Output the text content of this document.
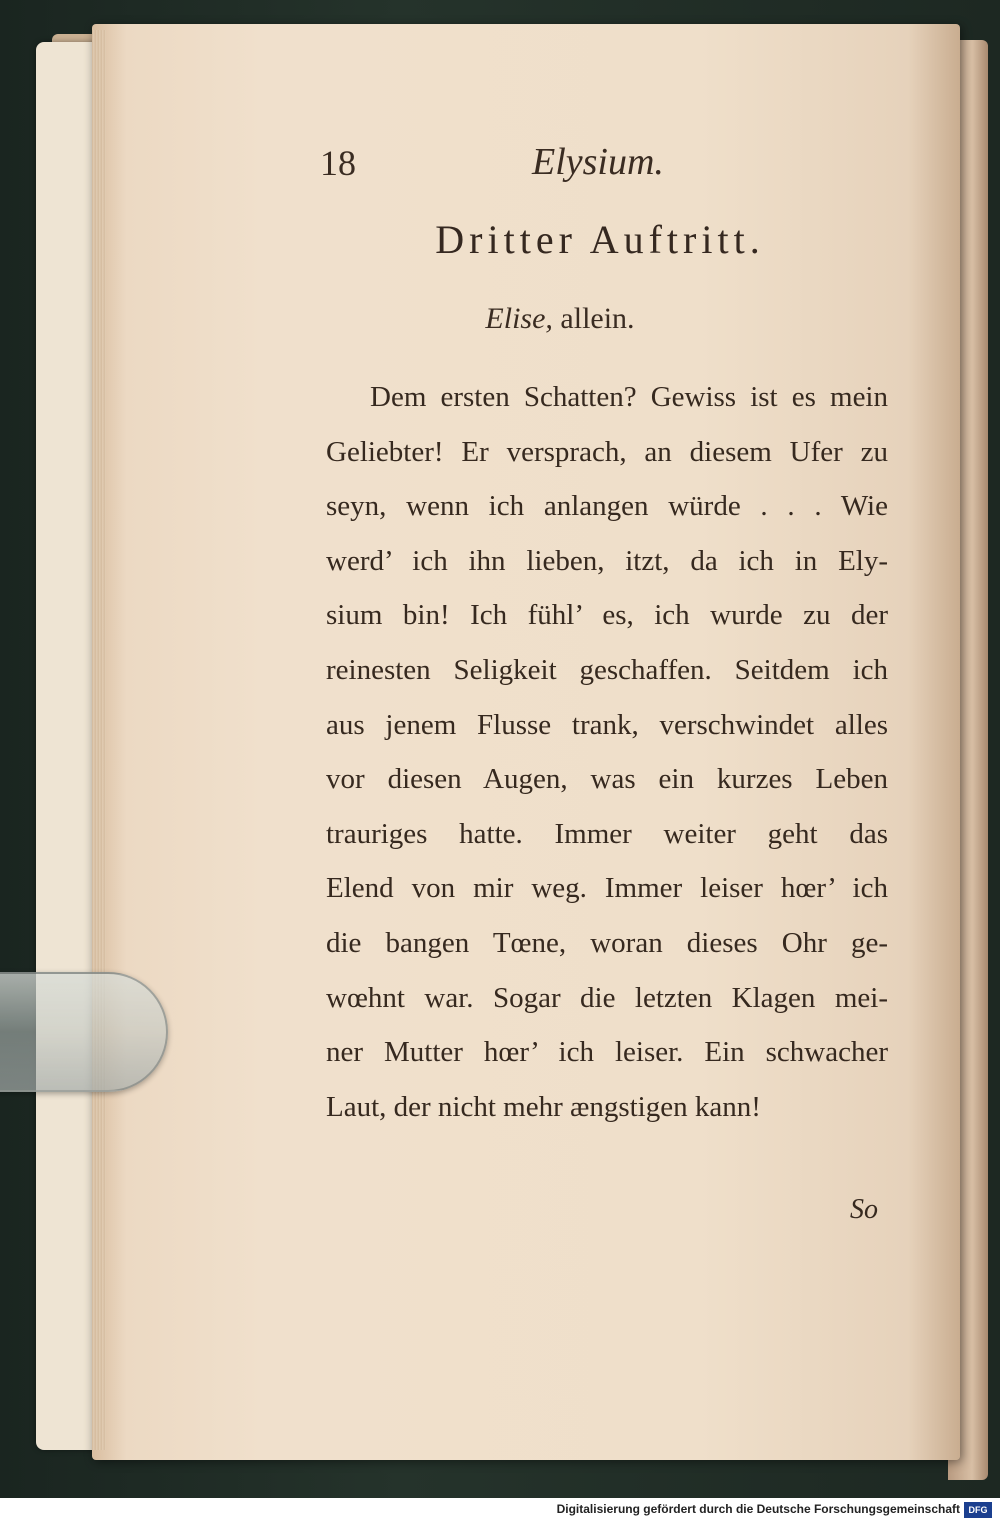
18	Elysium.
Dritter Auftritt.
Elise, allein.
Dem ersten Schatten? Gewiss ist es mein
Geliebter! Er versprach, an diesem Ufer zu
seyn, wenn ich anlangen würde . . . Wie
werd’ ich ihn lieben, itzt, da ich in Ely-
sium bin! Ich fühl’ es, ich wurde zu der
reinesten Seligkeit geschaffen. Seitdem ich
aus jenem Flusse trank, verschwindet alles
vor diesen Augen, was ein kurzes Leben
trauriges hatte. Immer weiter geht das
Elend von mir weg. Immer leiser hœr’ ich
die bangen Tœne, woran dieses Ohr ge-
wœhnt war. Sogar die letzten Klagen mei-
ner Mutter hœr’ ich leiser. Ein schwacher
Laut, der nicht mehr ængstigen kann!
So
Digitalisierung gefördert durch die Deutsche Forschungsgemeinschaft DFG
